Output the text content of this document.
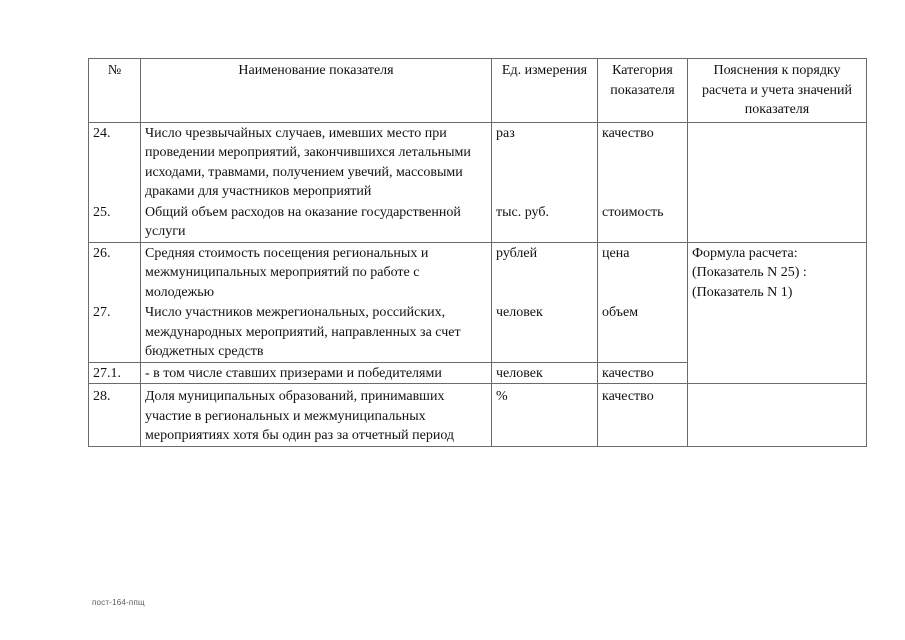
№	Наименование показателя	Ед. измерения	Категория показателя	Пояснения к порядку расчета и учета значений показателя
24.	Число чрезвычайных случаев, имевших место при проведении мероприятий, закончившихся летальными исходами, травмами, получением увечий, массовыми драками для участников мероприятий	раз	качество	
25.	Общий объем расходов на оказание государственной услуги	тыс. руб.	стоимость	
26.	Средняя стоимость посещения региональных и межмуниципальных мероприятий по работе с молодежью	рублей	цена	Формула расчета: (Показатель N 25) : (Показатель N 1)
27.	Число участников межрегиональных, российских, международных мероприятий, направленных за счет бюджетных средств	человек	объем	
27.1.	- в том числе ставших призерами и победителями	человек	качество	
28.	Доля муниципальных образований, принимавших участие в региональных и межмуниципальных мероприятиях хотя бы один раз за отчетный период	%	качество	
пост-164-ппщ
